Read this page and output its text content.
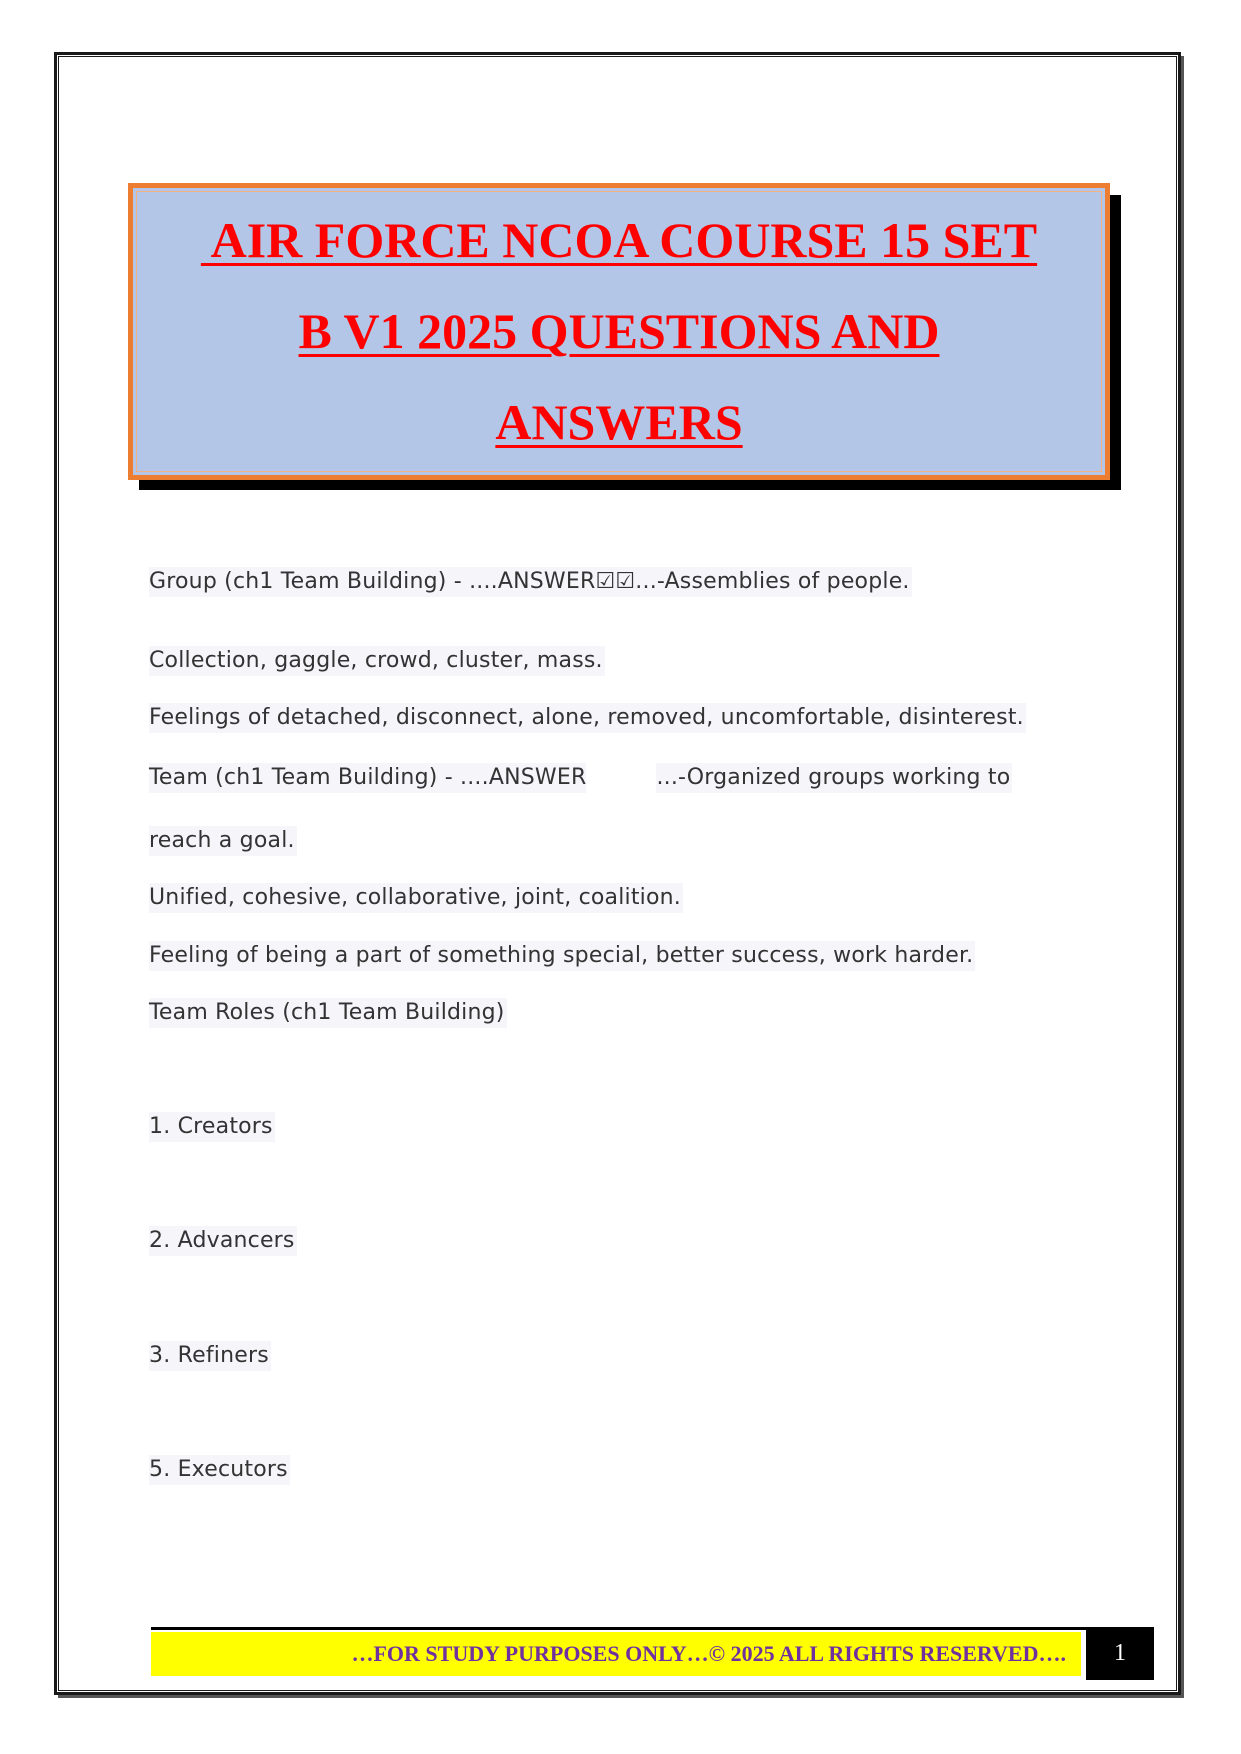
AIR FORCE NCOA COURSE 15 SET
B V1 2025 QUESTIONS AND
ANSWERS
Group (ch1 Team Building) - ....ANSWER☑☑...-Assemblies of people.
Collection, gaggle, crowd, cluster, mass.
Feelings of detached, disconnect, alone, removed, uncomfortable, disinterest.
Team (ch1 Team Building) - ....ANSWER	...-Organized groups working to
reach a goal.
Unified, cohesive, collaborative, joint, coalition.
Feeling of being a part of something special, better success, work harder.
Team Roles (ch1 Team Building)
1. Creators
2. Advancers
3. Refiners
5. Executors
…FOR STUDY PURPOSES ONLY…© 2025 ALL RIGHTS RESERVED….	1
